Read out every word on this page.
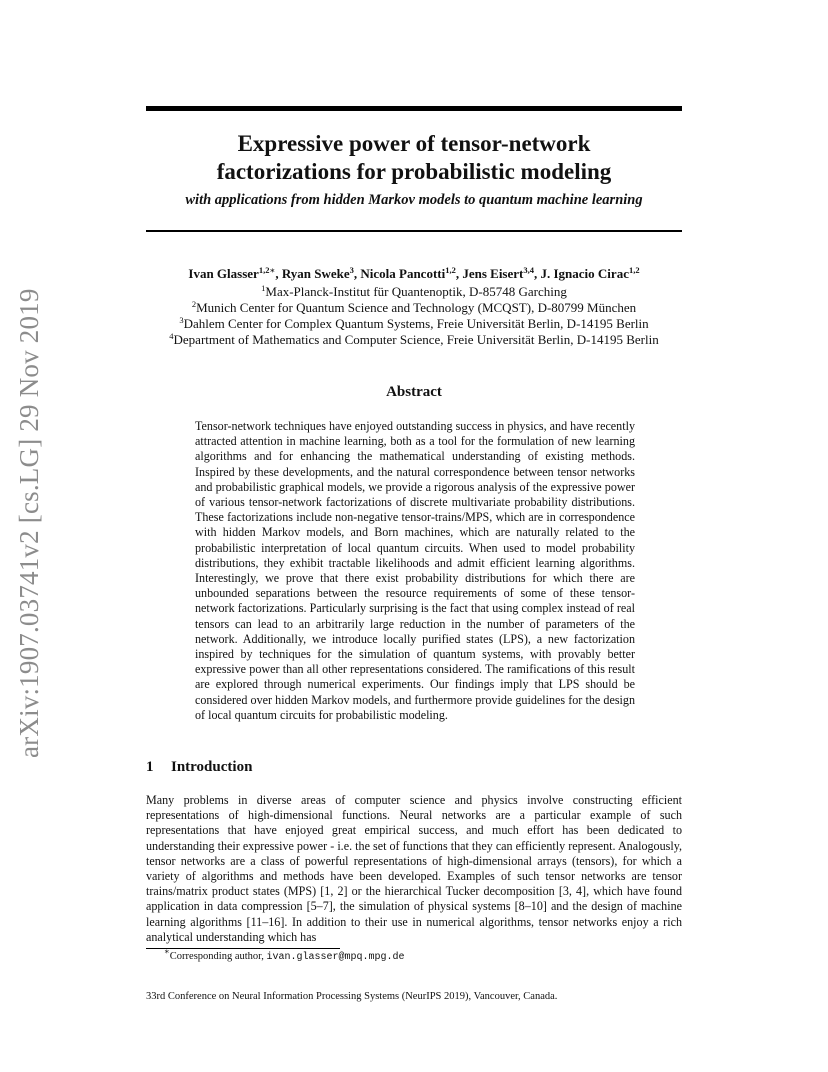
arXiv:1907.03741v2 [cs.LG] 29 Nov 2019
Expressive power of tensor-network
factorizations for probabilistic modeling
with applications from hidden Markov models to quantum machine learning
Ivan Glasser$^{1,2∗}$, Ryan Sweke$^3$, Nicola Pancotti$^{1,2}$, Jens Eisert$^{3,4}$, J. Ignacio Cirac$^{1,2}$
$^1$Max-Planck-Institut für Quantenoptik, D-85748 Garching
$^2$Munich Center for Quantum Science and Technology (MCQST), D-80799 München
$^3$Dahlem Center for Complex Quantum Systems, Freie Universität Berlin, D-14195 Berlin
$^4$Department of Mathematics and Computer Science, Freie Universität Berlin, D-14195 Berlin
Abstract
Tensor-network techniques have enjoyed outstanding success in physics, and have recently attracted attention in machine learning, both as a tool for the formulation of new learning algorithms and for enhancing the mathematical understanding of existing methods. Inspired by these developments, and the natural correspondence between tensor networks and probabilistic graphical models, we provide a rigorous analysis of the expressive power of various tensor-network factorizations of discrete multivariate probability distributions. These factorizations include non-negative tensor-trains/MPS, which are in correspondence with hidden Markov models, and Born machines, which are naturally related to the probabilistic interpretation of local quantum circuits. When used to model probability distributions, they exhibit tractable likelihoods and admit efficient learning algorithms. Interestingly, we prove that there exist probability distributions for which there are unbounded separations between the resource requirements of some of these tensor-network factorizations. Particularly surprising is the fact that using complex instead of real tensors can lead to an arbitrarily large reduction in the number of parameters of the network. Additionally, we introduce locally purified states (LPS), a new factorization inspired by techniques for the simulation of quantum systems, with provably better expressive power than all other representations considered. The ramifications of this result are explored through numerical experiments. Our findings imply that LPS should be considered over hidden Markov models, and furthermore provide guidelines for the design of local quantum circuits for probabilistic modeling.
1 Introduction
Many problems in diverse areas of computer science and physics involve constructing efficient representations of high-dimensional functions. Neural networks are a particular example of such representations that have enjoyed great empirical success, and much effort has been dedicated to understanding their expressive power - i.e. the set of functions that they can efficiently represent. Analogously, tensor networks are a class of powerful representations of high-dimensional arrays (tensors), for which a variety of algorithms and methods have been developed. Examples of such tensor networks are tensor trains/matrix product states (MPS) [1, 2] or the hierarchical Tucker decomposition [3, 4], which have found application in data compression [5–7], the simulation of physical systems [8–10] and the design of machine learning algorithms [11–16]. In addition to their use in numerical algorithms, tensor networks enjoy a rich analytical understanding which has
∗Corresponding author, ivan.glasser@mpq.mpg.de
33rd Conference on Neural Information Processing Systems (NeurIPS 2019), Vancouver, Canada.
